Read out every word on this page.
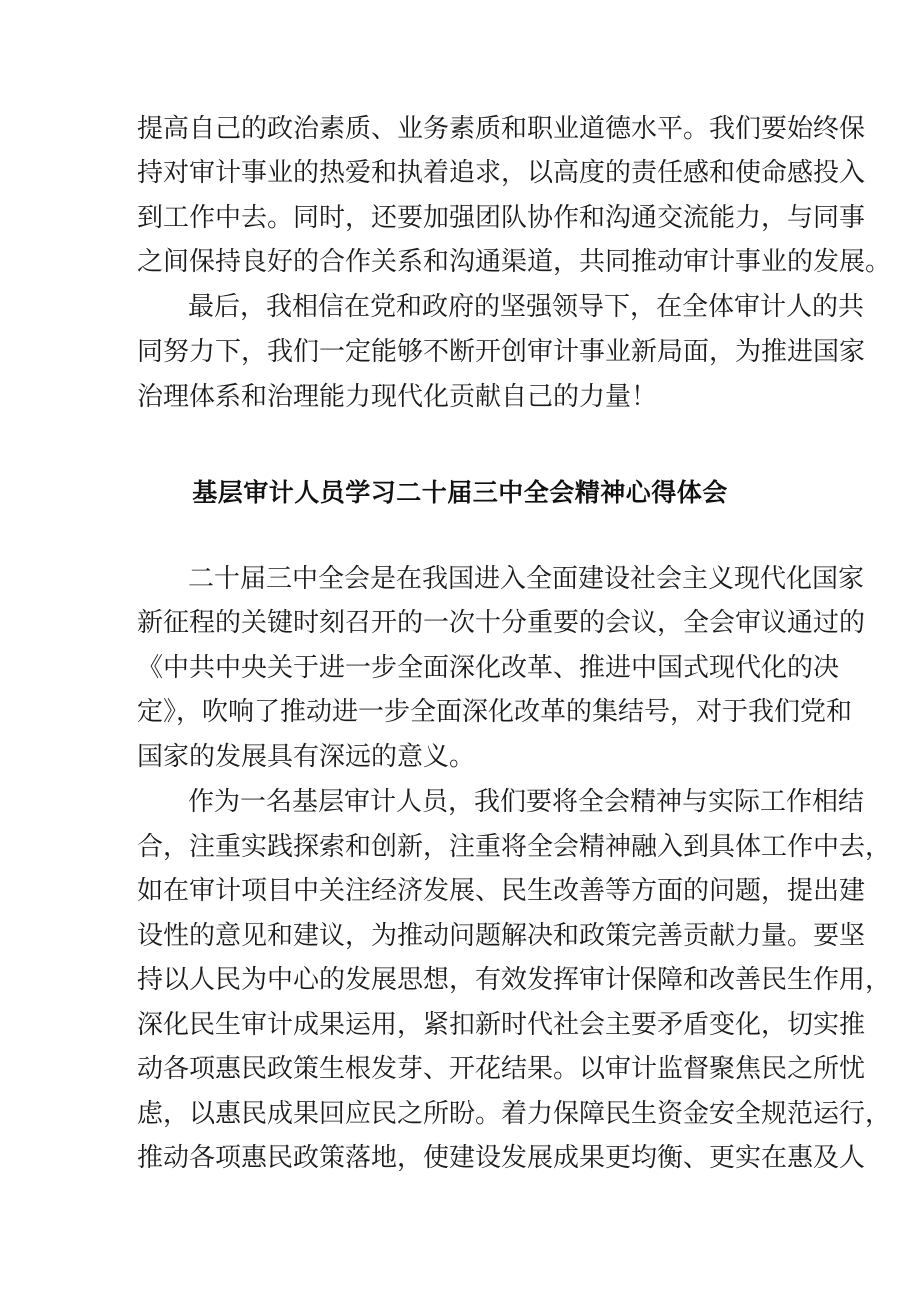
提高自己的政治素质、业务素质和职业道德水平。我们要始终保
持对审计事业的热爱和执着追求，以高度的责任感和使命感投入
到工作中去。同时，还要加强团队协作和沟通交流能力，与同事
之间保持良好的合作关系和沟通渠道，共同推动审计事业的发展。
最后，我相信在党和政府的坚强领导下，在全体审计人的共
同努力下，我们一定能够不断开创审计事业新局面，为推进国家
治理体系和治理能力现代化贡献自己的力量！
基层审计人员学习二十届三中全会精神心得体会
二十届三中全会是在我国进入全面建设社会主义现代化国家
新征程的关键时刻召开的一次十分重要的会议，全会审议通过的
《中共中央关于进一步全面深化改革、推进中国式现代化的决
定》，吹响了推动进一步全面深化改革的集结号，对于我们党和
国家的发展具有深远的意义。
作为一名基层审计人员，我们要将全会精神与实际工作相结
合，注重实践探索和创新，注重将全会精神融入到具体工作中去，
如在审计项目中关注经济发展、民生改善等方面的问题，提出建
设性的意见和建议，为推动问题解决和政策完善贡献力量。要坚
持以人民为中心的发展思想，有效发挥审计保障和改善民生作用，
深化民生审计成果运用，紧扣新时代社会主要矛盾变化，切实推
动各项惠民政策生根发芽、开花结果。以审计监督聚焦民之所忧
虑，以惠民成果回应民之所盼。着力保障民生资金安全规范运行，
推动各项惠民政策落地，使建设发展成果更均衡、更实在惠及人
